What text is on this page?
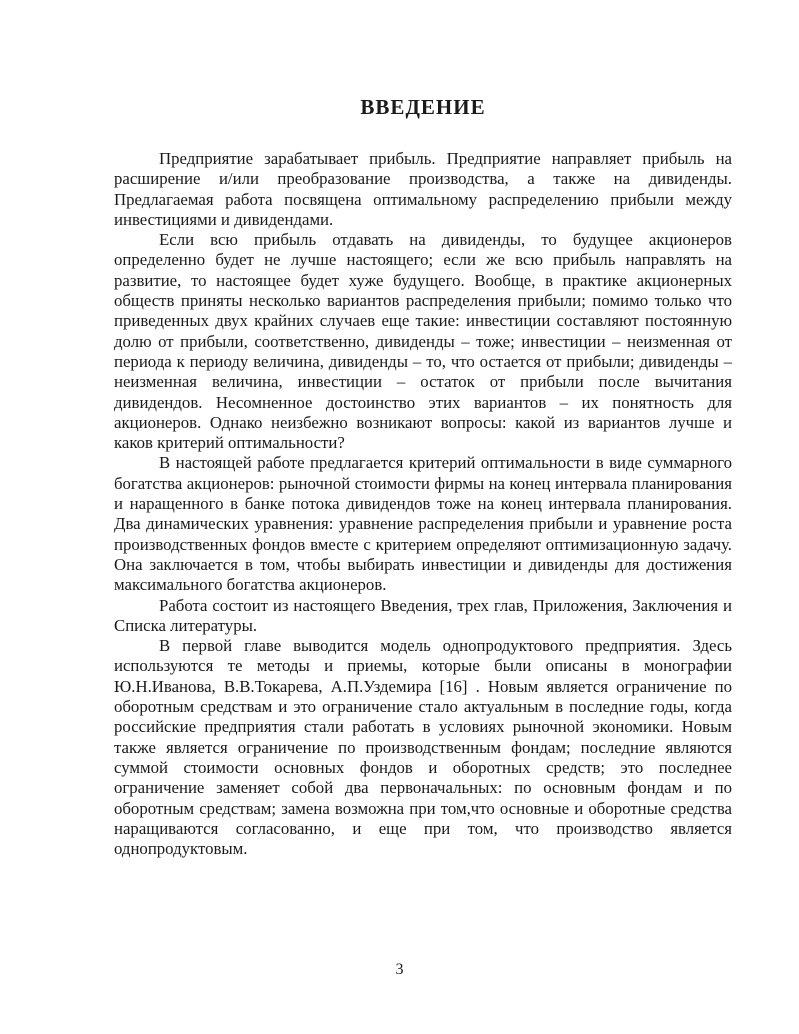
ВВЕДЕНИЕ

Предприятие зарабатывает прибыль. Предприятие направляет прибыль на расширение и/или преобразование производства, а также на дивиденды. Предлагаемая работа посвящена оптимальному распределению прибыли между инвестициями и дивидендами.

Если всю прибыль отдавать на дивиденды, то будущее акционеров определенно будет не лучше настоящего; если же всю прибыль направлять на развитие, то настоящее будет хуже будущего. Вообще, в практике акционерных обществ приняты несколько вариантов распределения прибыли; помимо только что приведенных двух крайних случаев еще такие: инвестиции составляют постоянную долю от прибыли, соответственно, дивиденды – тоже; инвестиции – неизменная от периода к периоду величина, дивиденды – то, что остается от прибыли; дивиденды – неизменная величина, инвестиции – остаток от прибыли после вычитания дивидендов. Несомненное достоинство этих вариантов – их понятность для акционеров. Однако неизбежно возникают вопросы: какой из вариантов лучше и каков критерий оптимальности?

В настоящей работе предлагается критерий оптимальности в виде суммарного богатства акционеров: рыночной стоимости фирмы на конец интервала планирования и наращенного в банке потока дивидендов тоже на конец интервала планирования. Два динамических уравнения: уравнение распределения прибыли и уравнение роста производственных фондов вместе с критерием определяют оптимизационную задачу. Она заключается в том, чтобы выбирать инвестиции и дивиденды для достижения максимального богатства акционеров.

Работа состоит из настоящего Введения, трех глав, Приложения, Заключения и Списка литературы.

В первой главе выводится модель однопродуктового предприятия. Здесь используются те методы и приемы, которые были описаны в монографии Ю.Н.Иванова, В.В.Токарева, А.П.Уздемира [16] . Новым является ограничение по оборотным средствам и это ограничение стало актуальным в последние годы, когда российские предприятия стали работать в условиях рыночной экономики. Новым также является ограничение по производственным фондам; последние являются суммой стоимости основных фондов и оборотных средств; это последнее ограничение заменяет собой два первоначальных: по основным фондам и по оборотным средствам; замена возможна при том,что основные и оборотные средства наращиваются согласованно, и еще при том, что производство является однопродуктовым.

3
